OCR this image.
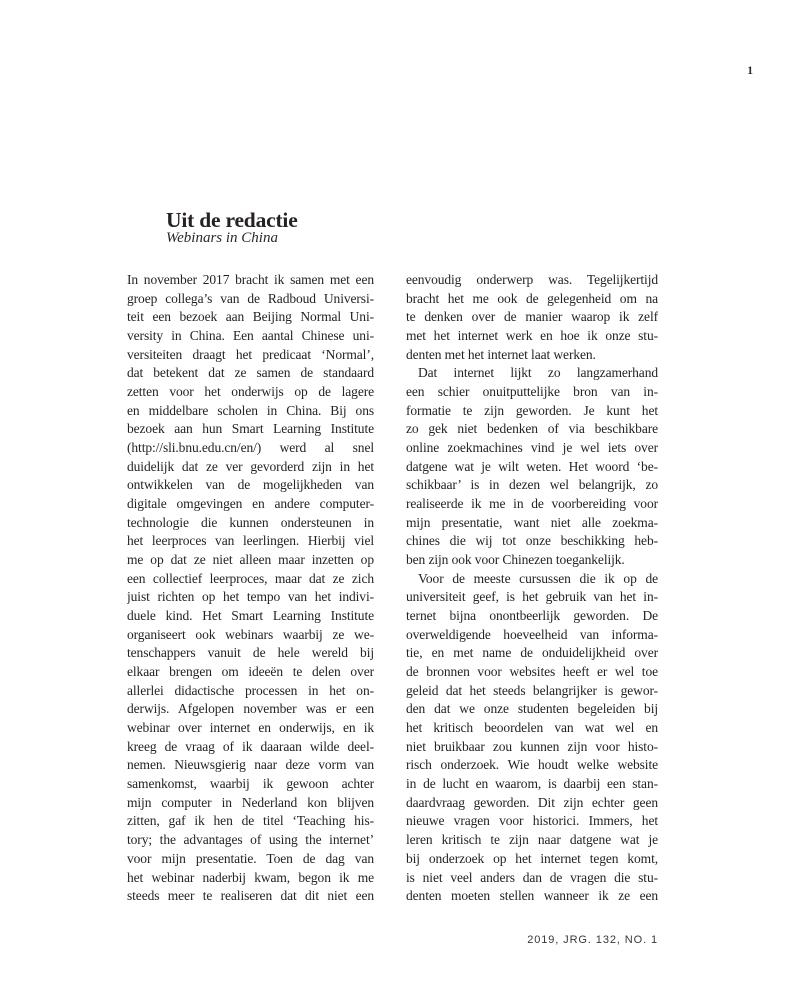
1
Uit de redactie
Webinars in China
In november 2017 bracht ik samen met een
groep collega’s van de Radboud Universi-
teit een bezoek aan Beijing Normal Uni-
versity in China. Een aantal Chinese uni-
versiteiten draagt het predicaat ‘Normal’,
dat betekent dat ze samen de standaard
zetten voor het onderwijs op de lagere
en middelbare scholen in China. Bij ons
bezoek aan hun Smart Learning Institute
(http://sli.bnu.edu.cn/en/) werd al snel
duidelijk dat ze ver gevorderd zijn in het
ontwikkelen van de mogelijkheden van
digitale omgevingen en andere computer-
technologie die kunnen ondersteunen in
het leerproces van leerlingen. Hierbij viel
me op dat ze niet alleen maar inzetten op
een collectief leerproces, maar dat ze zich
juist richten op het tempo van het indivi-
duele kind. Het Smart Learning Institute
organiseert ook webinars waarbij ze we-
tenschappers vanuit de hele wereld bij
elkaar brengen om ideeën te delen over
allerlei didactische processen in het on-
derwijs. Afgelopen november was er een
webinar over internet en onderwijs, en ik
kreeg de vraag of ik daaraan wilde deel-
nemen. Nieuwsgierig naar deze vorm van
samenkomst, waarbij ik gewoon achter
mijn computer in Nederland kon blijven
zitten, gaf ik hen de titel ‘Teaching his-
tory; the advantages of using the internet’
voor mijn presentatie. Toen de dag van
het webinar naderbij kwam, begon ik me
steeds meer te realiseren dat dit niet een
eenvoudig onderwerp was. Tegelijkertijd
bracht het me ook de gelegenheid om na
te denken over de manier waarop ik zelf
met het internet werk en hoe ik onze stu-
denten met het internet laat werken.
Dat internet lijkt zo langzamerhand
een schier onuitputtelijke bron van in-
formatie te zijn geworden. Je kunt het
zo gek niet bedenken of via beschikbare
online zoekmachines vind je wel iets over
datgene wat je wilt weten. Het woord ‘be-
schikbaar’ is in dezen wel belangrijk, zo
realiseerde ik me in de voorbereiding voor
mijn presentatie, want niet alle zoekma-
chines die wij tot onze beschikking heb-
ben zijn ook voor Chinezen toegankelijk.
Voor de meeste cursussen die ik op de
universiteit geef, is het gebruik van het in-
ternet bijna onontbeerlijk geworden. De
overweldigende hoeveelheid van informa-
tie, en met name de onduidelijkheid over
de bronnen voor websites heeft er wel toe
geleid dat het steeds belangrijker is gewor-
den dat we onze studenten begeleiden bij
het kritisch beoordelen van wat wel en
niet bruikbaar zou kunnen zijn voor histo-
risch onderzoek. Wie houdt welke website
in de lucht en waarom, is daarbij een stan-
daardvraag geworden. Dit zijn echter geen
nieuwe vragen voor historici. Immers, het
leren kritisch te zijn naar datgene wat je
bij onderzoek op het internet tegen komt,
is niet veel anders dan de vragen die stu-
denten moeten stellen wanneer ik ze een
2019, JRG. 132, NO. 1
